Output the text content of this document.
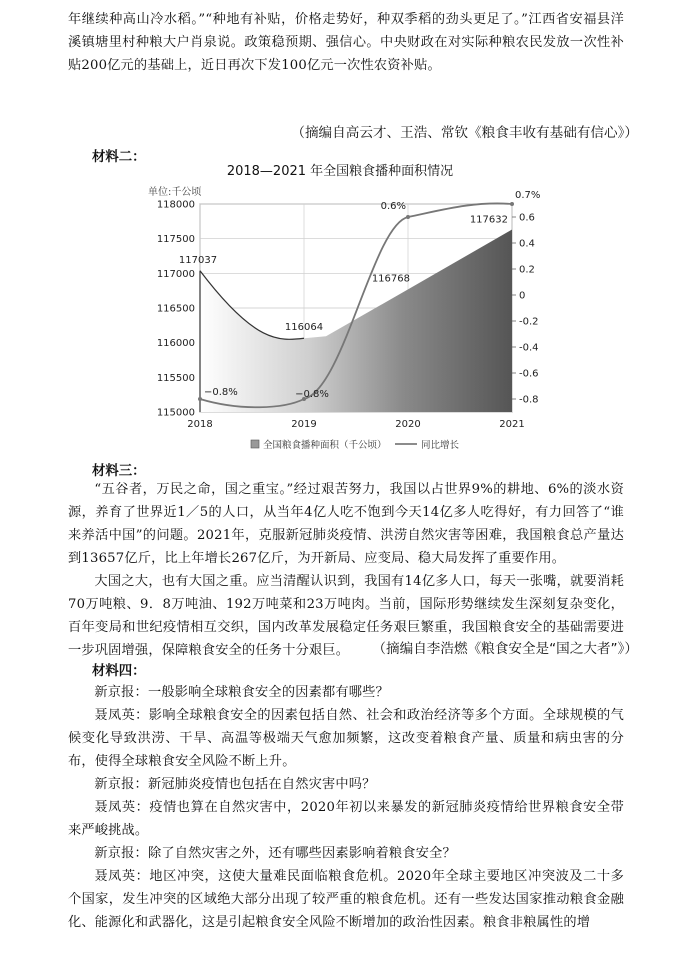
年继续种高山冷水稻。”“种地有补贴，价格走势好，种双季稻的劲头更足了。”江西省安福县洋溪镇塘里村种粮大户肖泉说。政策稳预期、强信心。中央财政在对实际种粮农民发放一次性补贴200亿元的基础上，近日再次下发100亿元一次性农资补贴。
（摘编自高云才、王浩、常钦《粮食丰收有基础有信心》）
材料二：
2018—2021 年全国粮食播种面积情况
单位:千公顷
115000
115500
116000
116500
117000
117500
118000
-0.8
-0.6
-0.4
-0.2
0
0.2
0.4
0.6
2018	2019	2020	2021
117037
116064
116768
117632
−0.8%	−0.8%
0.6%
0.7%
全国粮食播种面积（千公顷）	同比增长
材料三：
“五谷者，万民之命，国之重宝。”经过艰苦努力，我国以占世界9%的耕地、6%的淡水资源，养育了世界近1／5的人口，从当年4亿人吃不饱到今天14亿多人吃得好，有力回答了“谁来养活中国”的问题。2021年，克服新冠肺炎疫情、洪涝自然灾害等困难，我国粮食总产量达到13657亿斤，比上年增长267亿斤，为开新局、应变局、稳大局发挥了重要作用。
大国之大，也有大国之重。应当清醒认识到，我国有14亿多人口，每天一张嘴，就要消耗70万吨粮、9．8万吨油、192万吨菜和23万吨肉。当前，国际形势继续发生深刻复杂变化，百年变局和世纪疫情相互交织，国内改革发展稳定任务艰巨繁重，我国粮食安全的基础需要进一步巩固增强，保障粮食安全的任务十分艰巨。	（摘编自李浩燃《粮食安全是“国之大者”》）
材料四：
新京报：一般影响全球粮食安全的因素都有哪些？
聂凤英：影响全球粮食安全的因素包括自然、社会和政治经济等多个方面。全球规模的气候变化导致洪涝、干旱、高温等极端天气愈加频繁，这改变着粮食产量、质量和病虫害的分布，使得全球粮食安全风险不断上升。
新京报：新冠肺炎疫情也包括在自然灾害中吗？
聂凤英：疫情也算在自然灾害中，2020年初以来暴发的新冠肺炎疫情给世界粮食安全带来严峻挑战。
新京报：除了自然灾害之外，还有哪些因素影响着粮食安全？
聂凤英：地区冲突，这使大量难民面临粮食危机。2020年全球主要地区冲突波及二十多个国家，发生冲突的区域绝大部分出现了较严重的粮食危机。还有一些发达国家推动粮食金融化、能源化和武器化，这是引起粮食安全风险不断增加的政治性因素。粮食非粮属性的增
